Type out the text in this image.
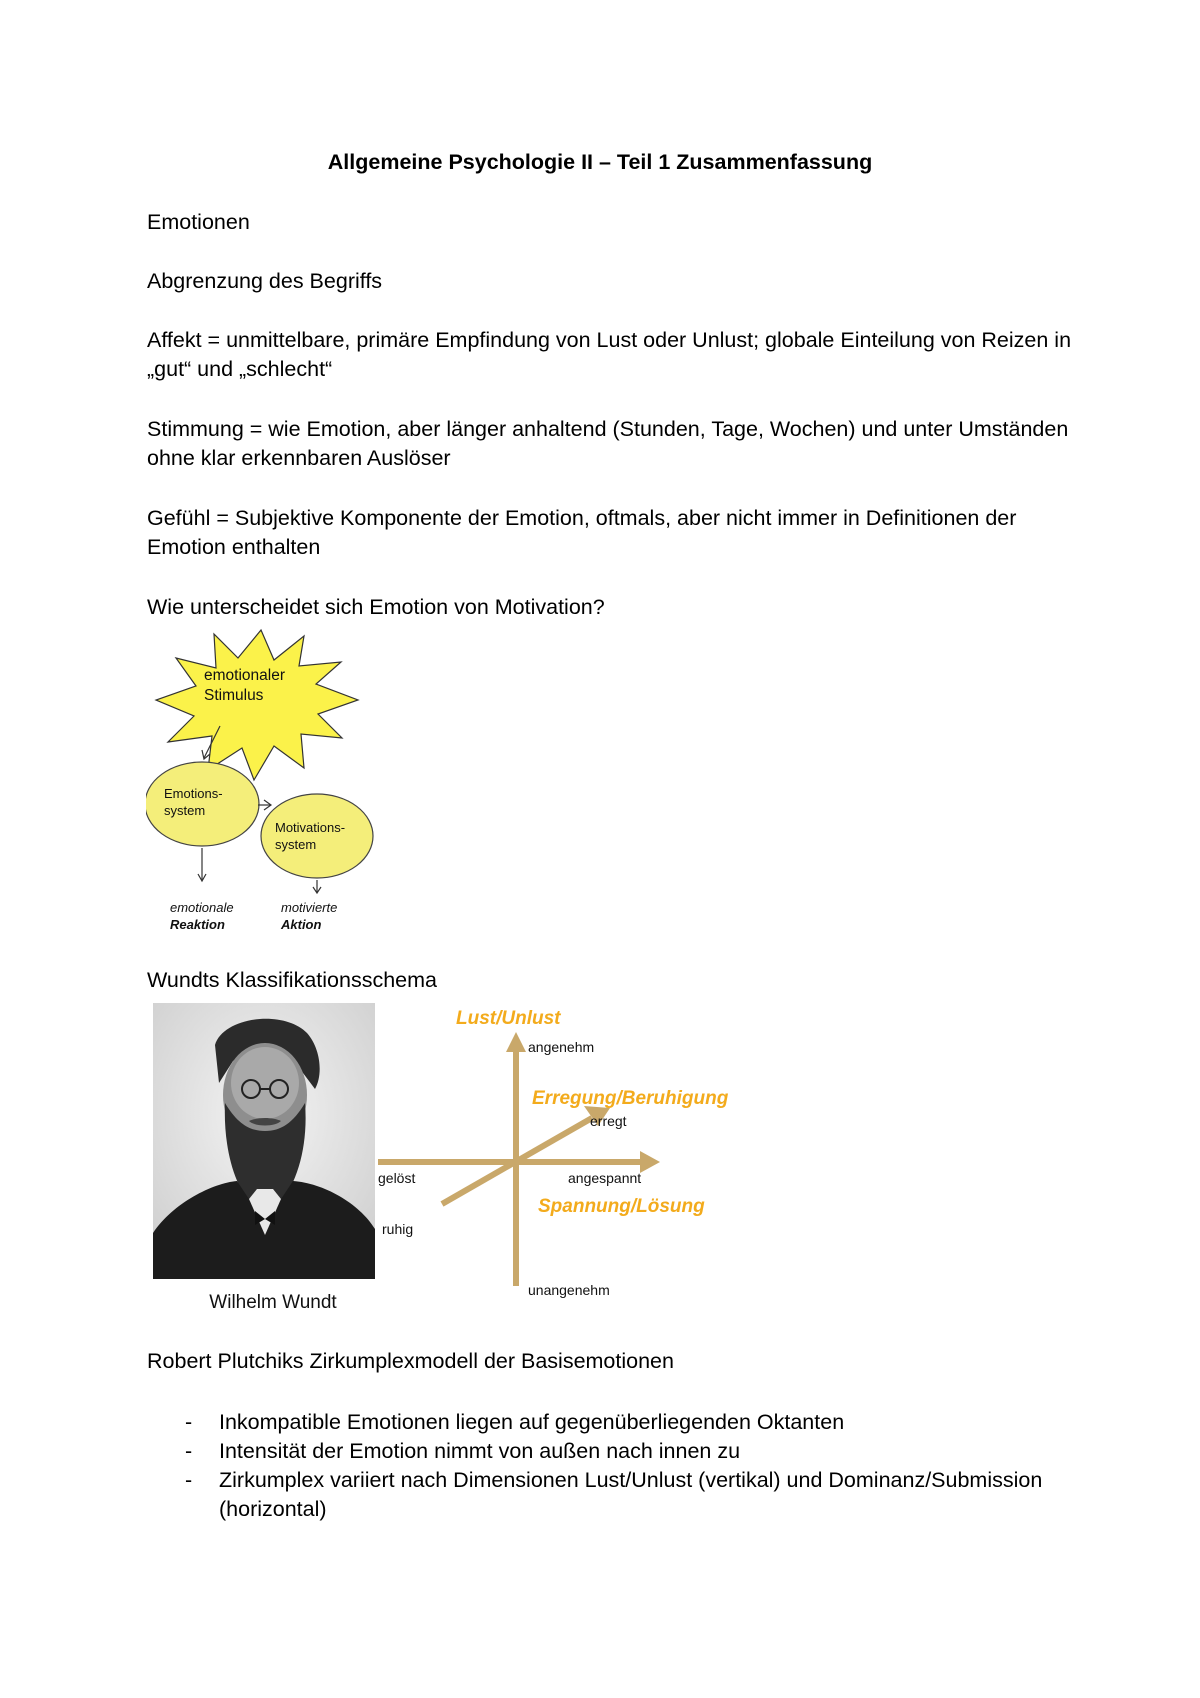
Allgemeine Psychologie II – Teil 1 Zusammenfassung
Emotionen
Abgrenzung des Begriffs
Affekt = unmittelbare, primäre Empfindung von Lust oder Unlust; globale Einteilung von Reizen in „gut“ und „schlecht“
Stimmung = wie Emotion, aber länger anhaltend (Stunden, Tage, Wochen) und unter Umständen ohne klar erkennbaren Auslöser
Gefühl = Subjektive Komponente der Emotion, oftmals, aber nicht immer in Definitionen der Emotion enthalten
Wie unterscheidet sich Emotion von Motivation?
emotionaler
Stimulus
Emotions-
system
Motivations-
system
emotionale
Reaktion
motivierte
Aktion
Wundts Klassifikationsschema
Wilhelm Wundt
Lust/Unlust
angenehm
Erregung/Beruhigung
erregt
gelöst	angespannt
Spannung/Lösung
ruhig
unangenehm
Robert Plutchiks Zirkumplexmodell der Basisemotionen
- Inkompatible Emotionen liegen auf gegenüberliegenden Oktanten
- Intensität der Emotion nimmt von außen nach innen zu
- Zirkumplex variiert nach Dimensionen Lust/Unlust (vertikal) und Dominanz/Submission (horizontal)
